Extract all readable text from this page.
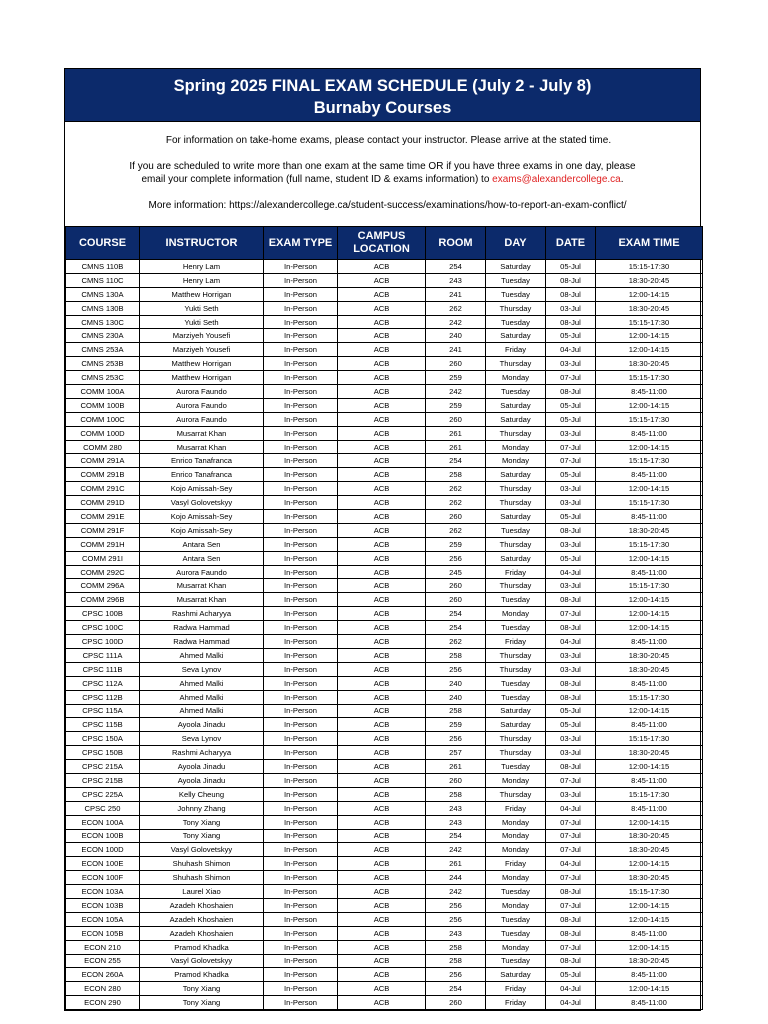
Spring 2025 FINAL EXAM SCHEDULE (July 2 - July 8)
Burnaby Courses
For information on take-home exams, please contact your instructor. Please arrive at the stated time.
If you are scheduled to write more than one exam at the same time OR if you have three exams in one day, please
email your complete information (full name, student ID & exams information) to exams@alexandercollege.ca.
More information: https://alexandercollege.ca/student-success/examinations/how-to-report-an-exam-conflict/
COURSE	INSTRUCTOR	EXAM TYPE	CAMPUS LOCATION	ROOM	DAY	DATE	EXAM TIME
CMNS 110B	Henry Lam	In-Person	ACB	254	Saturday	05-Jul	15:15-17:30
CMNS 110C	Henry Lam	In-Person	ACB	243	Tuesday	08-Jul	18:30-20:45
CMNS 130A	Matthew Horrigan	In-Person	ACB	241	Tuesday	08-Jul	12:00-14:15
CMNS 130B	Yukti Seth	In-Person	ACB	262	Thursday	03-Jul	18:30-20:45
CMNS 130C	Yukti Seth	In-Person	ACB	242	Tuesday	08-Jul	15:15-17:30
CMNS 230A	Marziyeh Yousefi	In-Person	ACB	240	Saturday	05-Jul	12:00-14:15
CMNS 253A	Marziyeh Yousefi	In-Person	ACB	241	Friday	04-Jul	12:00-14:15
CMNS 253B	Matthew Horrigan	In-Person	ACB	260	Thursday	03-Jul	18:30-20:45
CMNS 253C	Matthew Horrigan	In-Person	ACB	259	Monday	07-Jul	15:15-17:30
COMM 100A	Aurora Faundo	In-Person	ACB	242	Tuesday	08-Jul	8:45-11:00
COMM 100B	Aurora Faundo	In-Person	ACB	259	Saturday	05-Jul	12:00-14:15
COMM 100C	Aurora Faundo	In-Person	ACB	260	Saturday	05-Jul	15:15-17:30
COMM 100D	Musarrat Khan	In-Person	ACB	261	Thursday	03-Jul	8:45-11:00
COMM 280	Musarrat Khan	In-Person	ACB	261	Monday	07-Jul	12:00-14:15
COMM 291A	Enrico Tanafranca	In-Person	ACB	254	Monday	07-Jul	15:15-17:30
COMM 291B	Enrico Tanafranca	In-Person	ACB	258	Saturday	05-Jul	8:45-11:00
COMM 291C	Kojo Amissah-Sey	In-Person	ACB	262	Thursday	03-Jul	12:00-14:15
COMM 291D	Vasyl Golovetskyy	In-Person	ACB	262	Thursday	03-Jul	15:15-17:30
COMM 291E	Kojo Amissah-Sey	In-Person	ACB	260	Saturday	05-Jul	8:45-11:00
COMM 291F	Kojo Amissah-Sey	In-Person	ACB	262	Tuesday	08-Jul	18:30-20:45
COMM 291H	Antara Sen	In-Person	ACB	259	Thursday	03-Jul	15:15-17:30
COMM 291I	Antara Sen	In-Person	ACB	256	Saturday	05-Jul	12:00-14:15
COMM 292C	Aurora Faundo	In-Person	ACB	245	Friday	04-Jul	8:45-11:00
COMM 296A	Musarrat Khan	In-Person	ACB	260	Thursday	03-Jul	15:15-17:30
COMM 296B	Musarrat Khan	In-Person	ACB	260	Tuesday	08-Jul	12:00-14:15
CPSC 100B	Rashmi Acharyya	In-Person	ACB	254	Monday	07-Jul	12:00-14:15
CPSC 100C	Radwa Hammad	In-Person	ACB	254	Tuesday	08-Jul	12:00-14:15
CPSC 100D	Radwa Hammad	In-Person	ACB	262	Friday	04-Jul	8:45-11:00
CPSC 111A	Ahmed Malki	In-Person	ACB	258	Thursday	03-Jul	18:30-20:45
CPSC 111B	Seva Lynov	In-Person	ACB	256	Thursday	03-Jul	18:30-20:45
CPSC 112A	Ahmed Malki	In-Person	ACB	240	Tuesday	08-Jul	8:45-11:00
CPSC 112B	Ahmed Malki	In-Person	ACB	240	Tuesday	08-Jul	15:15-17:30
CPSC 115A	Ahmed Malki	In-Person	ACB	258	Saturday	05-Jul	12:00-14:15
CPSC 115B	Ayoola Jinadu	In-Person	ACB	259	Saturday	05-Jul	8:45-11:00
CPSC 150A	Seva Lynov	In-Person	ACB	256	Thursday	03-Jul	15:15-17:30
CPSC 150B	Rashmi Acharyya	In-Person	ACB	257	Thursday	03-Jul	18:30-20:45
CPSC 215A	Ayoola Jinadu	In-Person	ACB	261	Tuesday	08-Jul	12:00-14:15
CPSC 215B	Ayoola Jinadu	In-Person	ACB	260	Monday	07-Jul	8:45-11:00
CPSC 225A	Kelly Cheung	In-Person	ACB	258	Thursday	03-Jul	15:15-17:30
CPSC 250	Johnny Zhang	In-Person	ACB	243	Friday	04-Jul	8:45-11:00
ECON 100A	Tony Xiang	In-Person	ACB	243	Monday	07-Jul	12:00-14:15
ECON 100B	Tony Xiang	In-Person	ACB	254	Monday	07-Jul	18:30-20:45
ECON 100D	Vasyl Golovetskyy	In-Person	ACB	242	Monday	07-Jul	18:30-20:45
ECON 100E	Shuhash Shimon	In-Person	ACB	261	Friday	04-Jul	12:00-14:15
ECON 100F	Shuhash Shimon	In-Person	ACB	244	Monday	07-Jul	18:30-20:45
ECON 103A	Laurel Xiao	In-Person	ACB	242	Tuesday	08-Jul	15:15-17:30
ECON 103B	Azadeh Khoshaien	In-Person	ACB	256	Monday	07-Jul	12:00-14:15
ECON 105A	Azadeh Khoshaien	In-Person	ACB	256	Tuesday	08-Jul	12:00-14:15
ECON 105B	Azadeh Khoshaien	In-Person	ACB	243	Tuesday	08-Jul	8:45-11:00
ECON 210	Pramod Khadka	In-Person	ACB	258	Monday	07-Jul	12:00-14:15
ECON 255	Vasyl Golovetskyy	In-Person	ACB	258	Tuesday	08-Jul	18:30-20:45
ECON 260A	Pramod Khadka	In-Person	ACB	256	Saturday	05-Jul	8:45-11:00
ECON 280	Tony Xiang	In-Person	ACB	254	Friday	04-Jul	12:00-14:15
ECON 290	Tony Xiang	In-Person	ACB	260	Friday	04-Jul	8:45-11:00
